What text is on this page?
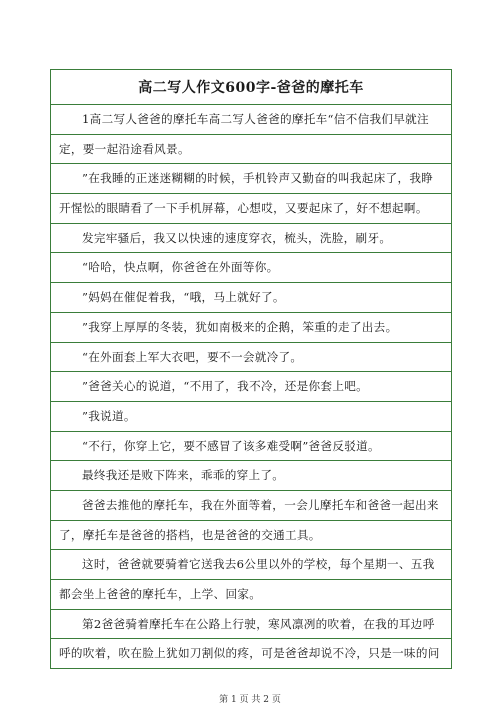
高二写人作文600字-爸爸的摩托车
1高二写人爸爸的摩托车高二写人爸爸的摩托车“信不信我们早就注
定，要一起沿途看风景。
”在我睡的正迷迷糊糊的时候，手机铃声又勤奋的叫我起床了，我睁
开惺忪的眼睛看了一下手机屏幕，心想哎，又要起床了，好不想起啊。
发完牢骚后，我又以快速的速度穿衣，梳头，洗脸，刷牙。
“哈哈，快点啊，你爸爸在外面等你。
”妈妈在催促着我，“哦，马上就好了。
”我穿上厚厚的冬装，犹如南极来的企鹅，笨重的走了出去。
“在外面套上军大衣吧，要不一会就冷了。
”爸爸关心的说道，“不用了，我不冷，还是你套上吧。
”我说道。
“不行，你穿上它，要不感冒了该多难受啊”爸爸反驳道。
最终我还是败下阵来，乖乖的穿上了。
爸爸去推他的摩托车，我在外面等着，一会儿摩托车和爸爸一起出来
了，摩托车是爸爸的搭档，也是爸爸的交通工具。
这时，爸爸就要骑着它送我去6公里以外的学校，每个星期一、五我
都会坐上爸爸的摩托车，上学、回家。
第2爸爸骑着摩托车在公路上行驶，寒风凛冽的吹着，在我的耳边呼
呼的吹着，吹在脸上犹如刀割似的疼，可是爸爸却说不冷，只是一味的问
第 1 页 共 2 页
